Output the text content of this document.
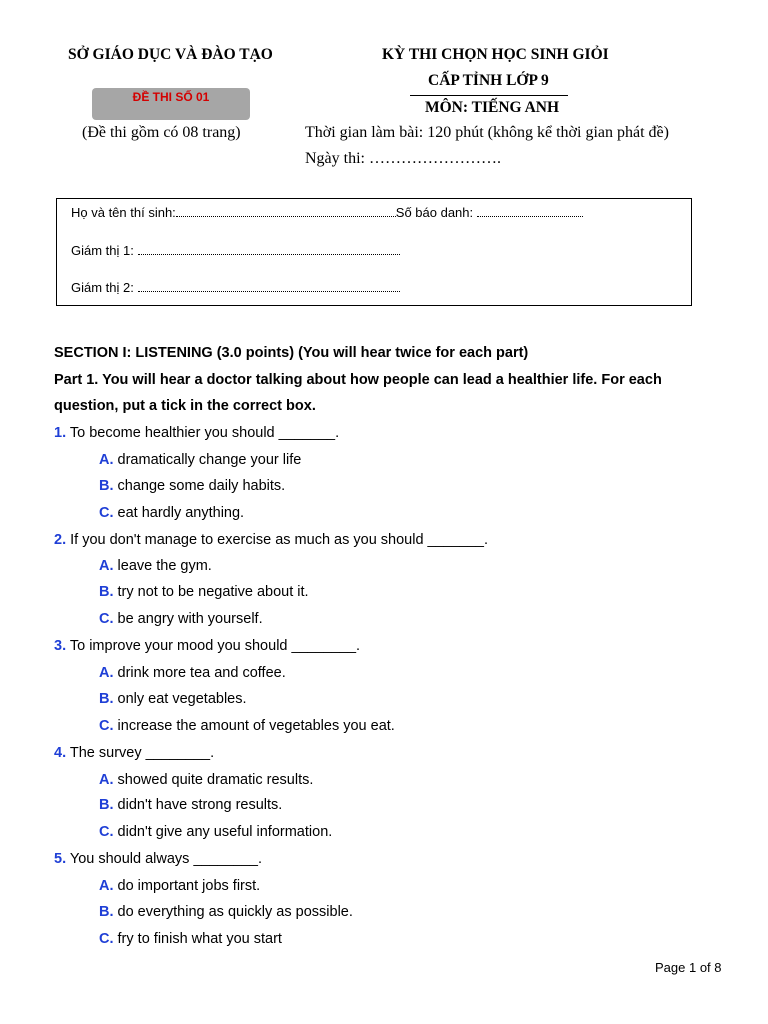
SỞ GIÁO DỤC VÀ ĐÀO TẠO
ĐỀ THI SỐ 01
(Đề thi gồm có 08 trang)
KỲ THI CHỌN HỌC SINH GIỎI
CẤP TỈNH LỚP 9
MÔN: TIẾNG ANH
Thời gian làm bài: 120 phút (không kể thời gian phát đề)
Ngày thi: …………………….
Họ và tên thí sinh:	Số báo danh:
Giám thị 1:
Giám thị 2:
SECTION I: LISTENING (3.0 points) (You will hear twice for each part)
Part 1. You will hear a doctor talking about how people can lead a healthier life. For each
question, put a tick in the correct box.
1. To become healthier you should _______.
A. dramatically change your life
B. change some daily habits.
C. eat hardly anything.
2. If you don't manage to exercise as much as you should _______.
A. leave the gym.
B. try not to be negative about it.
C. be angry with yourself.
3. To improve your mood you should ________.
A. drink more tea and coffee.
B. only eat vegetables.
C. increase the amount of vegetables you eat.
4. The survey ________.
A. showed quite dramatic results.
B. didn't have strong results.
C. didn't give any useful information.
5. You should always ________.
A. do important jobs first.
B. do everything as quickly as possible.
C. fry to finish what you start
Page 1 of 8
